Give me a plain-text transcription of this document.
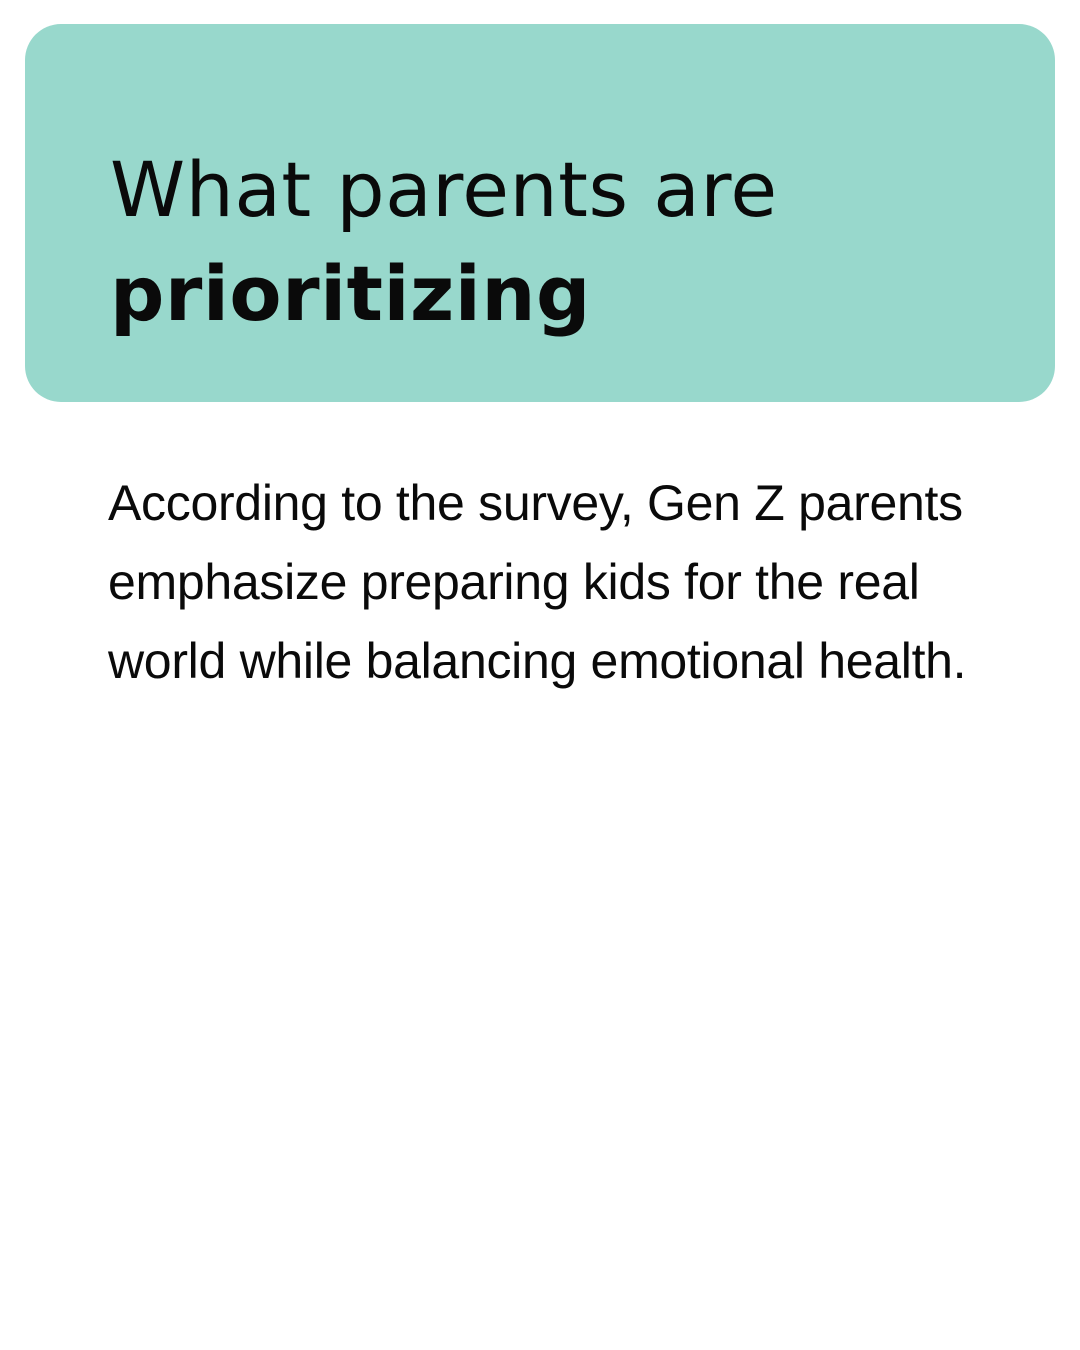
What parents are
prioritizing

According to the survey, Gen Z parents emphasize preparing kids for the real world while balancing emotional health.
